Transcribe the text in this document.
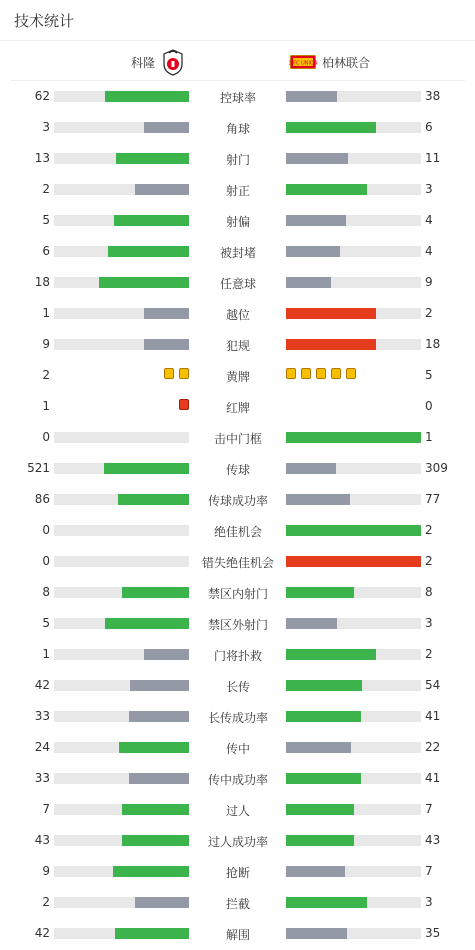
技术统计
科隆	1.FC UNION 柏林联合
62	控球率	38
3	角球	6
13	射门	11
2	射正	3
5	射偏	4
6	被封堵	4
18	任意球	9
1	越位	2
9	犯规	18
2	黄牌	5
1	红牌	0
0	击中门框	1
521	传球	309
86	传球成功率	77
0	绝佳机会	2
0	错失绝佳机会	2
8	禁区内射门	8
5	禁区外射门	3
1	门将扑救	2
42	长传	54
33	长传成功率	41
24	传中	22
33	传中成功率	41
7	过人	7
43	过人成功率	43
9	抢断	7
2	拦截	3
42	解围	35
